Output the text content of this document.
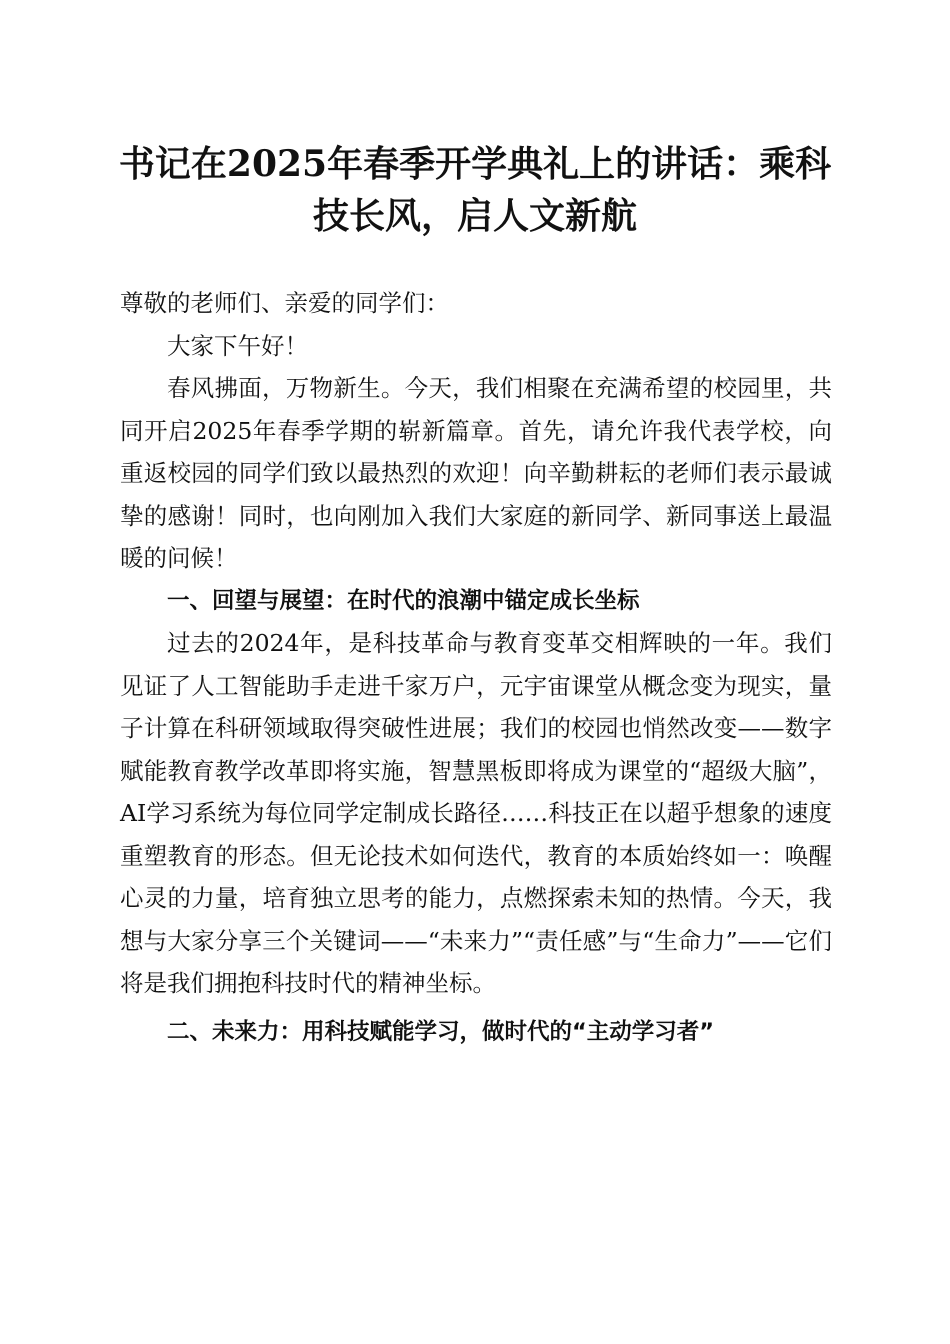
书记在2025年春季开学典礼上的讲话：乘科
技长风，启人文新航

尊敬的老师们、亲爱的同学们：

大家下午好！

春风拂面，万物新生。今天，我们相聚在充满希望的校园里，共同开启2025年春季学期的崭新篇章。首先，请允许我代表学校，向重返校园的同学们致以最热烈的欢迎！向辛勤耕耘的老师们表示最诚挚的感谢！同时，也向刚加入我们大家庭的新同学、新同事送上最温暖的问候！

一、回望与展望：在时代的浪潮中锚定成长坐标

过去的2024年，是科技革命与教育变革交相辉映的一年。我们见证了人工智能助手走进千家万户，元宇宙课堂从概念变为现实，量子计算在科研领域取得突破性进展；我们的校园也悄然改变——数字赋能教育教学改革即将实施，智慧黑板即将成为课堂的“超级大脑”，AI学习系统为每位同学定制成长路径……科技正在以超乎想象的速度重塑教育的形态。但无论技术如何迭代，教育的本质始终如一：唤醒心灵的力量，培育独立思考的能力，点燃探索未知的热情。今天，我想与大家分享三个关键词——“未来力”“责任感”与“生命力”——它们将是我们拥抱科技时代的精神坐标。

二、未来力：用科技赋能学习，做时代的“主动学习者”
